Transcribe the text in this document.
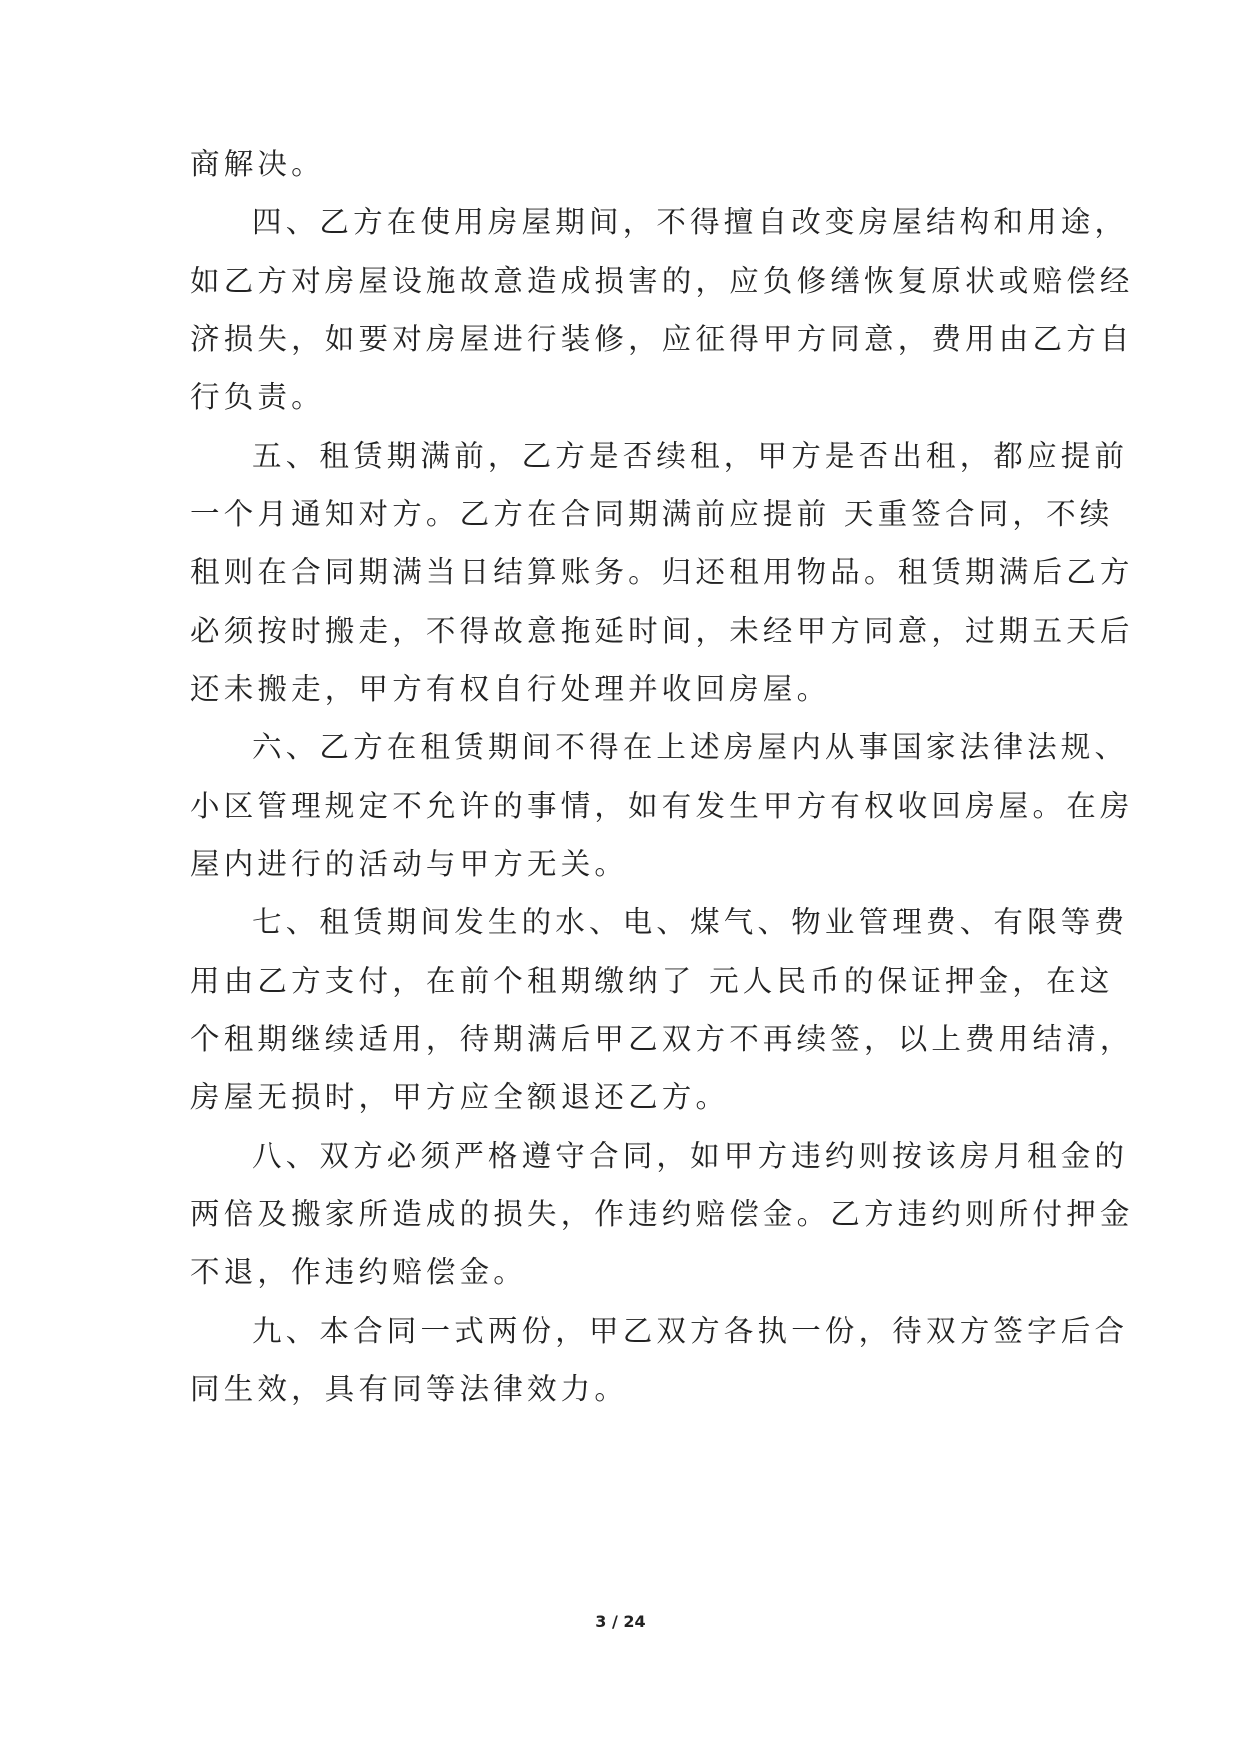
商解决。
四、乙方在使用房屋期间，不得擅自改变房屋结构和用途，
如乙方对房屋设施故意造成损害的，应负修缮恢复原状或赔偿经
济损失，如要对房屋进行装修，应征得甲方同意，费用由乙方自
行负责。
五、租赁期满前，乙方是否续租，甲方是否出租，都应提前
一个月通知对方。乙方在合同期满前应提前 天重签合同，不续
租则在合同期满当日结算账务。归还租用物品。租赁期满后乙方
必须按时搬走，不得故意拖延时间，未经甲方同意，过期五天后
还未搬走，甲方有权自行处理并收回房屋。
六、乙方在租赁期间不得在上述房屋内从事国家法律法规、
小区管理规定不允许的事情，如有发生甲方有权收回房屋。在房
屋内进行的活动与甲方无关。
七、租赁期间发生的水、电、煤气、物业管理费、有限等费
用由乙方支付，在前个租期缴纳了 元人民币的保证押金，在这
个租期继续适用，待期满后甲乙双方不再续签，以上费用结清，
房屋无损时，甲方应全额退还乙方。
八、双方必须严格遵守合同，如甲方违约则按该房月租金的
两倍及搬家所造成的损失，作违约赔偿金。乙方违约则所付押金
不退，作违约赔偿金。
九、本合同一式两份，甲乙双方各执一份，待双方签字后合
同生效，具有同等法律效力。
3 / 24
